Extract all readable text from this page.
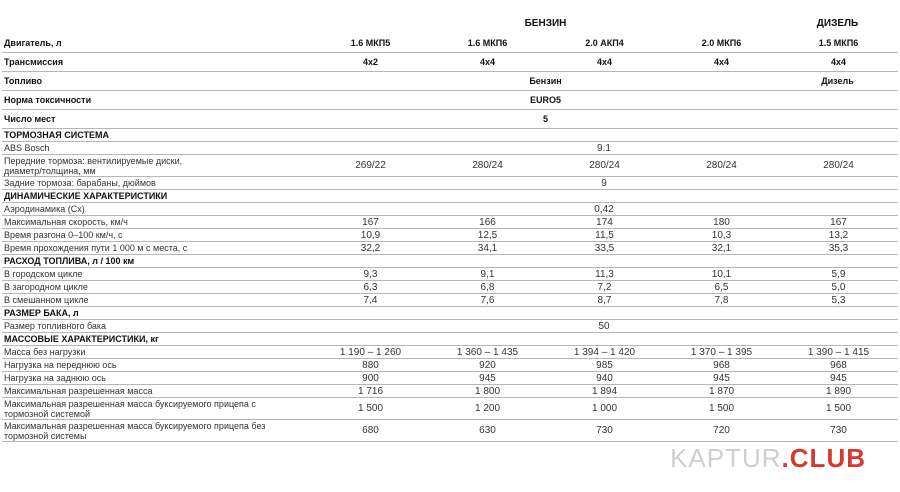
БЕНЗИН	ДИЗЕЛЬ
Двигатель, л	1.6 МКП5	1.6 МКП6	2.0 АКП4	2.0 МКП6	1.5 МКП6
Трансмиссия	4x2	4x4	4x4	4x4	4x4
Топливо	Бензин	Дизель
Норма токсичности	EURO5
Число мест	5
ТОРМОЗНАЯ СИСТЕМА
ABS Bosch	9.1
Передние тормоза: вентилируемые диски, диаметр/толщина, мм	269/22	280/24	280/24	280/24	280/24
Задние тормоза: барабаны, дюймов	9
ДИНАМИЧЕСКИЕ ХАРАКТЕРИСТИКИ
Аэродинамика (Cx)	0,42
Максимальная скорость, км/ч	167	166	174	180	167
Время разгона 0–100 км/ч, с	10,9	12,5	11,5	10,3	13,2
Время прохождения пути 1 000 м с места, с	32,2	34,1	33,5	32,1	35,3
РАСХОД ТОПЛИВА, л / 100 км
В городском цикле	9,3	9,1	11,3	10,1	5,9
В загородном цикле	6,3	6,8	7,2	6,5	5,0
В смешанном цикле	7,4	7,6	8,7	7,8	5,3
РАЗМЕР БАКА, л
Размер топливного бака	50
МАССОВЫЕ ХАРАКТЕРИСТИКИ, кг
Масса без нагрузки	1 190 – 1 260	1 360 – 1 435	1 394 – 1 420	1 370 – 1 395	1 390 – 1 415
Нагрузка на переднюю ось	880	920	985	968	968
Нагрузка на заднюю ось	900	945	940	945	945
Максимальная разрешенная масса	1 716	1 800	1 894	1 870	1 890
Максимальная разрешенная масса буксируемого прицепа с тормозной системой	1 500	1 200	1 000	1 500	1 500
Максимальная разрешенная масса буксируемого прицепа без тормозной системы	680	630	730	720	730
KAPTUR.CLUB
